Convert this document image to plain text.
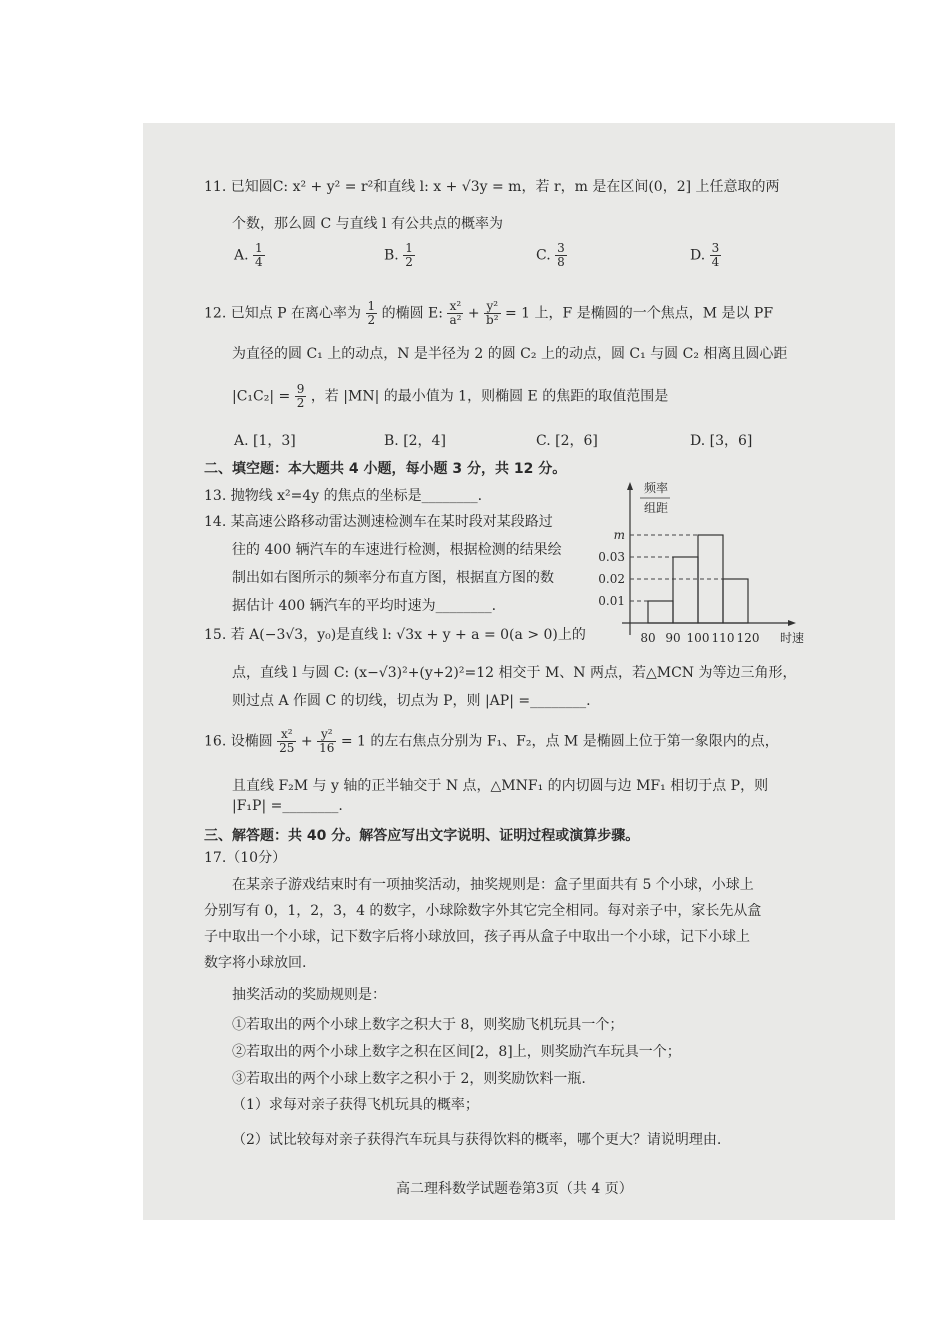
11. 已知圆C: x² + y² = r²和直线 l: x + √3y = m，若 r，m 是在区间(0，2] 上任意取的两
个数，那么圆 C 与直线 l 有公共点的概率为
A. $\frac{1}{4}$	B. $\frac{1}{2}$	C. $\frac{3}{8}$	D. $\frac{3}{4}$
12. 已知点 P 在离心率为 $\frac{1}{2}$ 的椭圆 E: $\frac{\text{x²}}{\text{a²}} + \frac{\text{y²}}{\text{b²}} = 1$ 上，F 是椭圆的一个焦点，M 是以 PF
为直径的圆 C₁ 上的动点，N 是半径为 2 的圆 C₂ 上的动点，圆 C₁ 与圆 C₂ 相离且圆心距
$|C_1C_2| = \frac{9}{2}$ ，若 |MN| 的最小值为 1，则椭圆 E 的焦距的取值范围是
A. [1，3]	B. [2，4]	C. [2，6]	D. [3，6]
二、填空题：本大题共 4 小题，每小题 3 分，共 12 分。
13. 抛物线 x²=4y 的焦点的坐标是________.
14. 某高速公路移动雷达测速检测车在某时段对某段路过
往的 400 辆汽车的车速进行检测，根据检测的结果绘
制出如右图所示的频率分布直方图，根据直方图的数
据估计 400 辆汽车的平均时速为________.
频率
组距
时速
m
0.03
0.02
0.01
80 90 100 110 120
15. 若 A(−3√3，y₀)是直线 l: √3x + y + a = 0(a > 0)上的
点，直线 l 与圆 C: (x−√3)²+(y+2)²=12 相交于 M、N 两点，若△MCN 为等边三角形，
则过点 A 作圆 C 的切线，切点为 P，则 |AP| =________.
16. 设椭圆 $\frac{\text{x²}}{25} + \frac{\text{y²}}{16} = 1$ 的左右焦点分别为 F₁、F₂，点 M 是椭圆上位于第一象限内的点，
且直线 F₂M 与 y 轴的正半轴交于 N 点，△MNF₁ 的内切圆与边 MF₁ 相切于点 P，则
|F₁P| =________.
三、解答题：共 40 分。解答应写出文字说明、证明过程或演算步骤。
17.（10分）
在某亲子游戏结束时有一项抽奖活动，抽奖规则是：盒子里面共有 5 个小球，小球上
分别写有 0，1，2，3，4 的数字，小球除数字外其它完全相同。每对亲子中，家长先从盒
子中取出一个小球，记下数字后将小球放回，孩子再从盒子中取出一个小球，记下小球上
数字将小球放回.
抽奖活动的奖励规则是：
①若取出的两个小球上数字之积大于 8，则奖励飞机玩具一个；
②若取出的两个小球上数字之积在区间[2，8]上，则奖励汽车玩具一个；
③若取出的两个小球上数字之积小于 2，则奖励饮料一瓶.
（1）求每对亲子获得飞机玩具的概率；
（2）试比较每对亲子获得汽车玩具与获得饮料的概率，哪个更大？请说明理由.
高二理科数学试题卷第3页（共 4 页）
